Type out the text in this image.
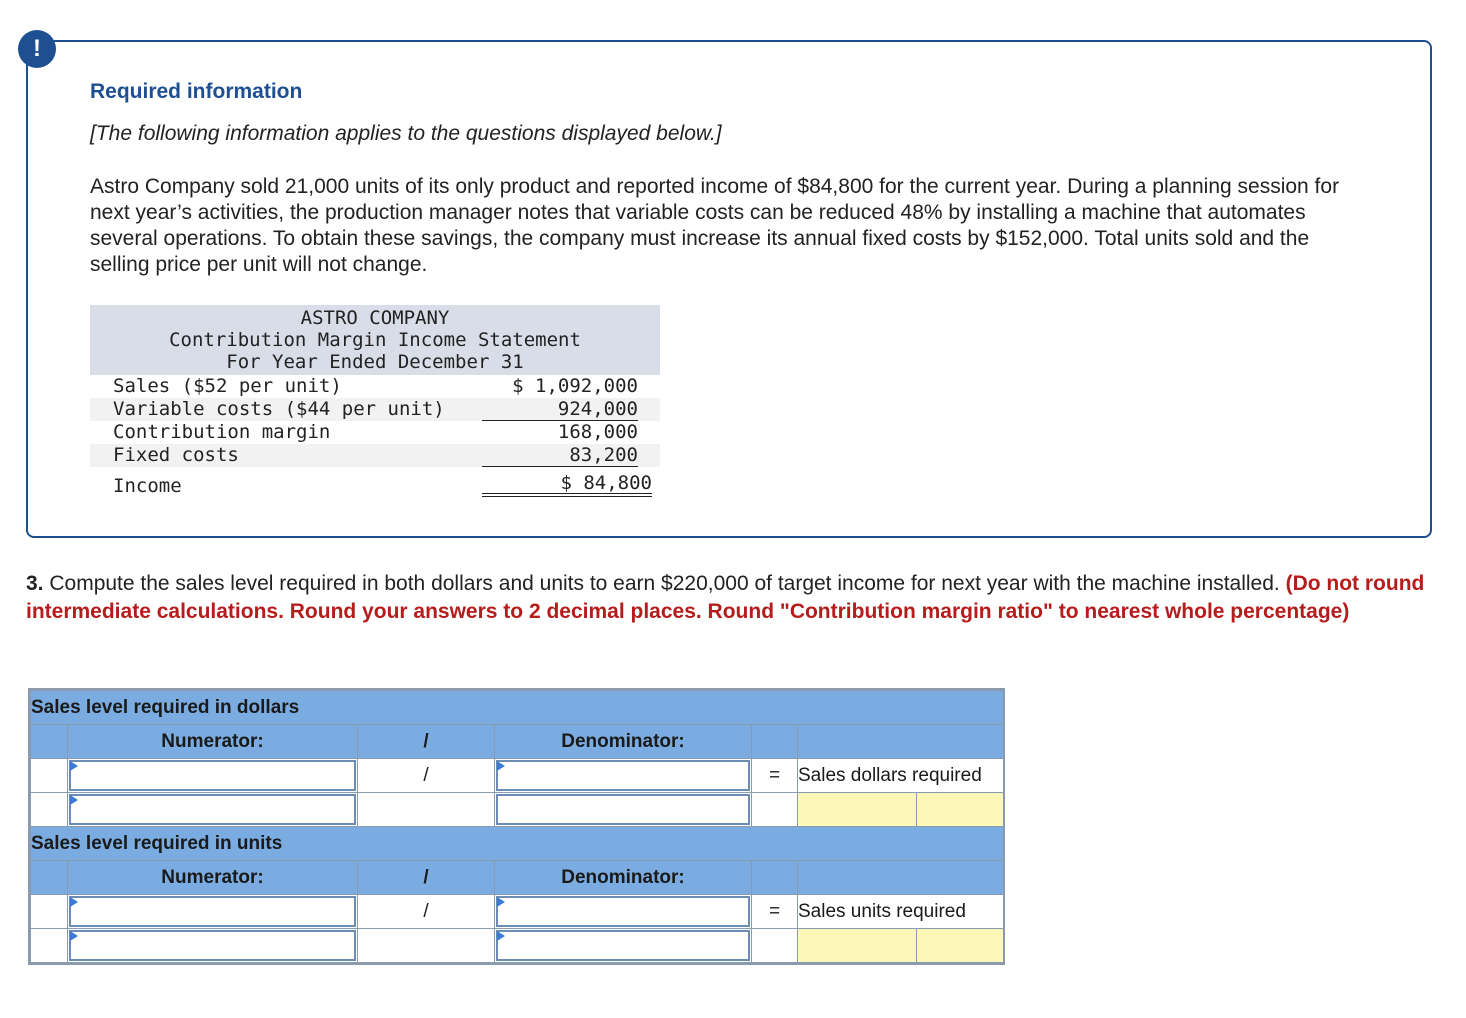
!
Required information
[The following information applies to the questions displayed below.]
Astro Company sold 21,000 units of its only product and reported income of $84,800 for the current year. During a planning session for next year’s activities, the production manager notes that variable costs can be reduced 48% by installing a machine that automates several operations. To obtain these savings, the company must increase its annual fixed costs by $152,000. Total units sold and the selling price per unit will not change.
ASTRO COMPANY
Contribution Margin Income Statement
For Year Ended December 31
Sales ($52 per unit)	$ 1,092,000
Variable costs ($44 per unit)	924,000
Contribution margin	168,000
Fixed costs	83,200
Income	$ 84,800
3. Compute the sales level required in both dollars and units to earn $220,000 of target income for next year with the machine installed. (Do not round intermediate calculations. Round your answers to 2 decimal places. Round "Contribution margin ratio" to nearest whole percentage)
Sales level required in dollars						
	Numerator:	/	Denominator:			

	/		=	Sales dollars required	

Sales level required in units						
	Numerator:	/	Denominator:			

	/		=	Sales units required	
